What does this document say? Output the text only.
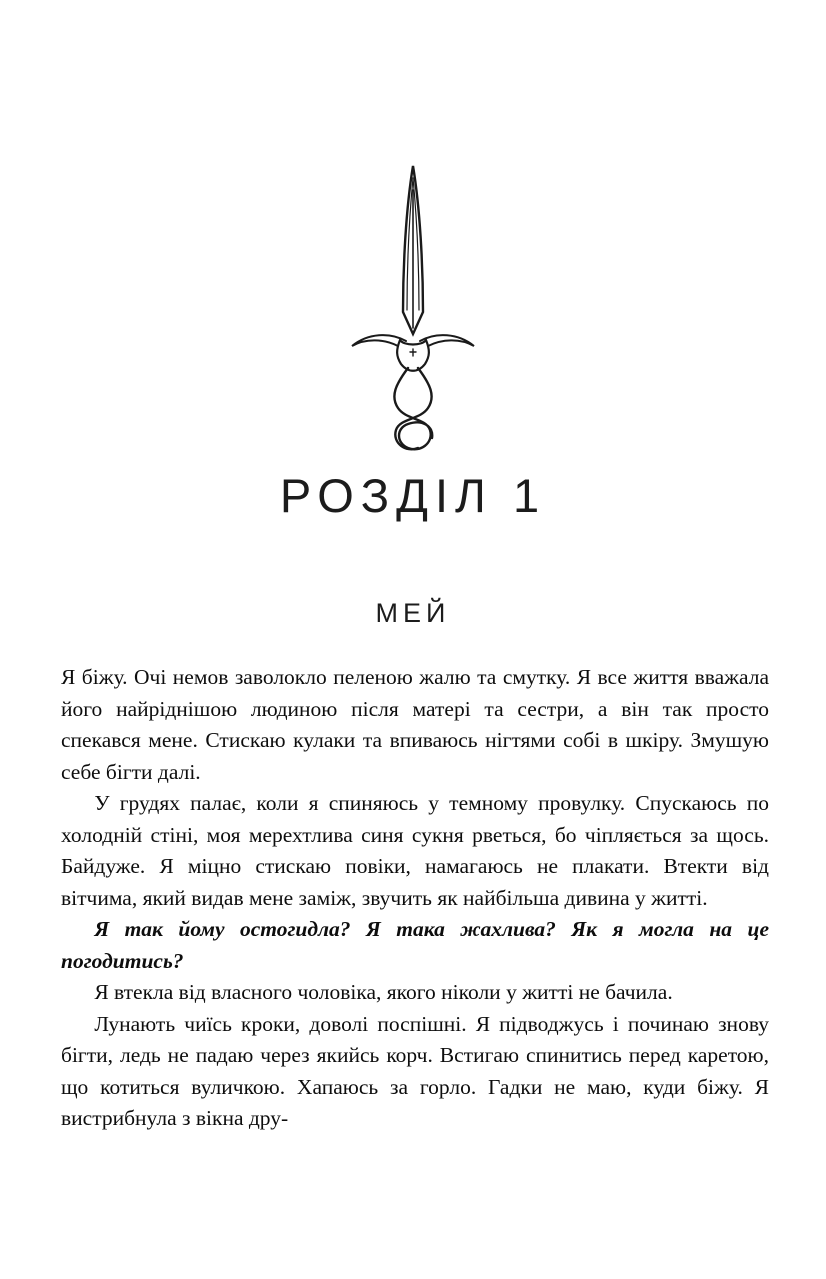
РОЗДІЛ 1
МЕЙ

Я біжу. Очі немов заволокло пеленою жалю та смутку. Я все життя вважала його найріднішою людиною після матері та сестри, а він так просто спекався мене. Стискаю кулаки та впиваюсь нігтями собі в шкіру. Змушую себе бігти далі.

У грудях палає, коли я спиняюсь у темному провулку. Спускаюсь по холодній стіні, моя мерехтлива синя сукня рветься, бо чіпляється за щось. Байдуже. Я міцно стискаю повіки, намагаюсь не плакати. Втекти від вітчима, який видав мене заміж, звучить як найбільша дивина у житті.

Я так йому остогидла? Я така жахлива? Як я могла на це погодитись?

Я втекла від власного чоловіка, якого ніколи у житті не бачила.

Лунають чиїсь кроки, доволі поспішні. Я підводжусь і починаю знову бігти, ледь не падаю через якийсь корч. Встигаю спинитись перед каретою, що котиться вуличкою. Хапаюсь за горло. Гадки не маю, куди біжу. Я вистрибнула з вікна дру-
